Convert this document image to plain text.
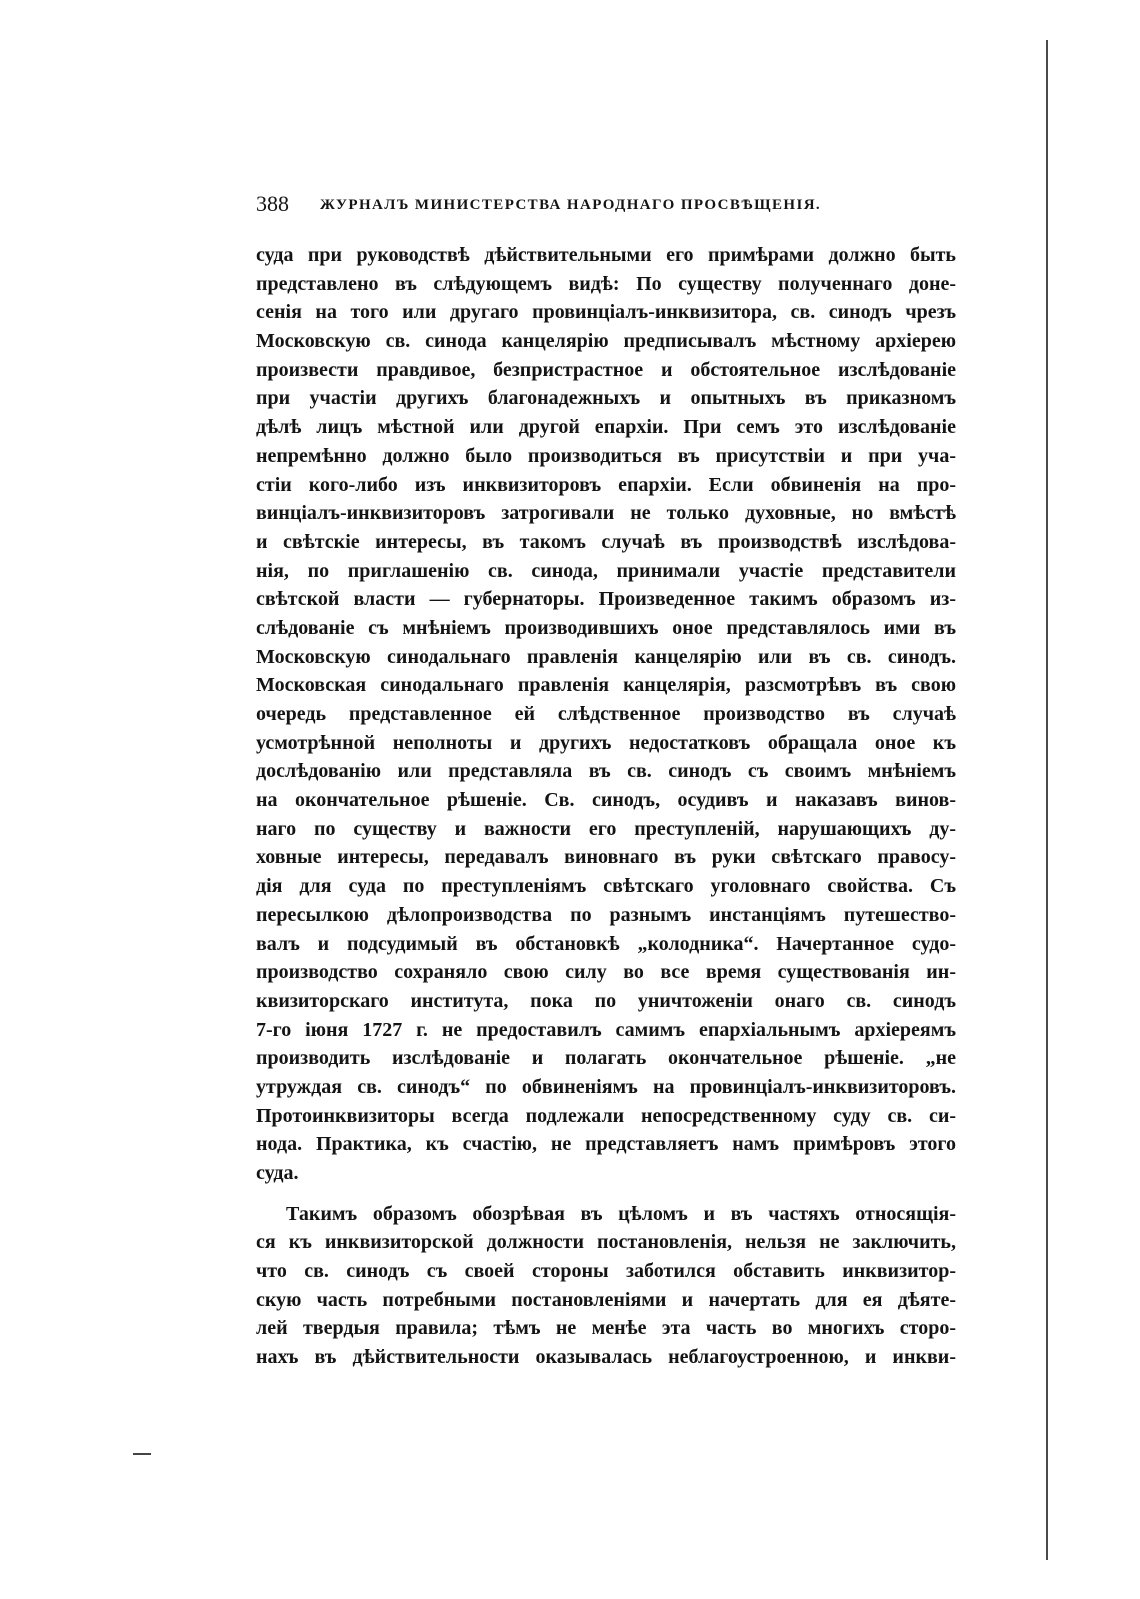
388 ЖУРНАЛЪ МИНИСТЕРСТВА НАРОДНАГО ПРОСВѢЩЕНІЯ.
суда при руководствѣ дѣйствительными его примѣрами должно быть
представлено въ слѣдующемъ видѣ: По существу полученнаго доне-
сенія на того или другаго провинціалъ-инквизитора, св. синодъ чрезъ
Московскую св. синода канцелярію предписывалъ мѣстному архіерею
произвести правдивое, безпристрастное и обстоятельное изслѣдованіе
при участіи другихъ благонадежныхъ и опытныхъ въ приказномъ
дѣлѣ лицъ мѣстной или другой епархіи. При семъ это изслѣдованіе
непремѣнно должно было производиться въ присутствіи и при уча-
стіи кого-либо изъ инквизиторовъ епархіи. Если обвиненія на про-
винціалъ-инквизиторовъ затрогивали не только духовные, но вмѣстѣ
и свѣтскіе интересы, въ такомъ случаѣ въ производствѣ изслѣдова-
нія, по приглашенію св. синода, принимали участіе представители
свѣтской власти — губернаторы. Произведенное такимъ образомъ из-
слѣдованіе съ мнѣніемъ производившихъ оное представлялось ими въ
Московскую синодальнаго правленія канцелярію или въ св. синодъ.
Московская синодальнаго правленія канцелярія, разсмотрѣвъ въ свою
очередь представленное ей слѣдственное производство въ случаѣ
усмотрѣнной неполноты и другихъ недостатковъ обращала оное къ
дослѣдованію или представляла въ св. синодъ съ своимъ мнѣніемъ
на окончательное рѣшеніе. Св. синодъ, осудивъ и наказавъ винов-
наго по существу и важности его преступленій, нарушающихъ ду-
ховные интересы, передавалъ виновнаго въ руки свѣтскаго правосу-
дія для суда по преступленіямъ свѣтскаго уголовнаго свойства. Съ
пересылкою дѣлопроизводства по разнымъ инстанціямъ путешество-
валъ и подсудимый въ обстановкѣ „колодника“. Начертанное судо-
производство сохраняло свою силу во все время существованія ин-
квизиторскаго института, пока по уничтоженіи онаго св. синодъ
7-го іюня 1727 г. не предоставилъ самимъ епархіальнымъ архіереямъ
производить изслѣдованіе и полагать окончательное рѣшеніе. „не
утруждая св. синодъ“ по обвиненіямъ на провинціалъ-инквизиторовъ.
Протоинквизиторы всегда подлежали непосредственному суду св. си-
нода. Практика, къ счастію, не представляетъ намъ примѣровъ этого
суда.
Такимъ образомъ обозрѣвая въ цѣломъ и въ частяхъ относящія-
ся къ инквизиторской должности постановленія, нельзя не заключить,
что св. синодъ съ своей стороны заботился обставить инквизитор-
скую часть потребными постановленіями и начертать для ея дѣяте-
лей твердыя правила; тѣмъ не менѣе эта часть во многихъ сторо-
нахъ въ дѣйствительности оказывалась неблагоустроенною, и инкви-
